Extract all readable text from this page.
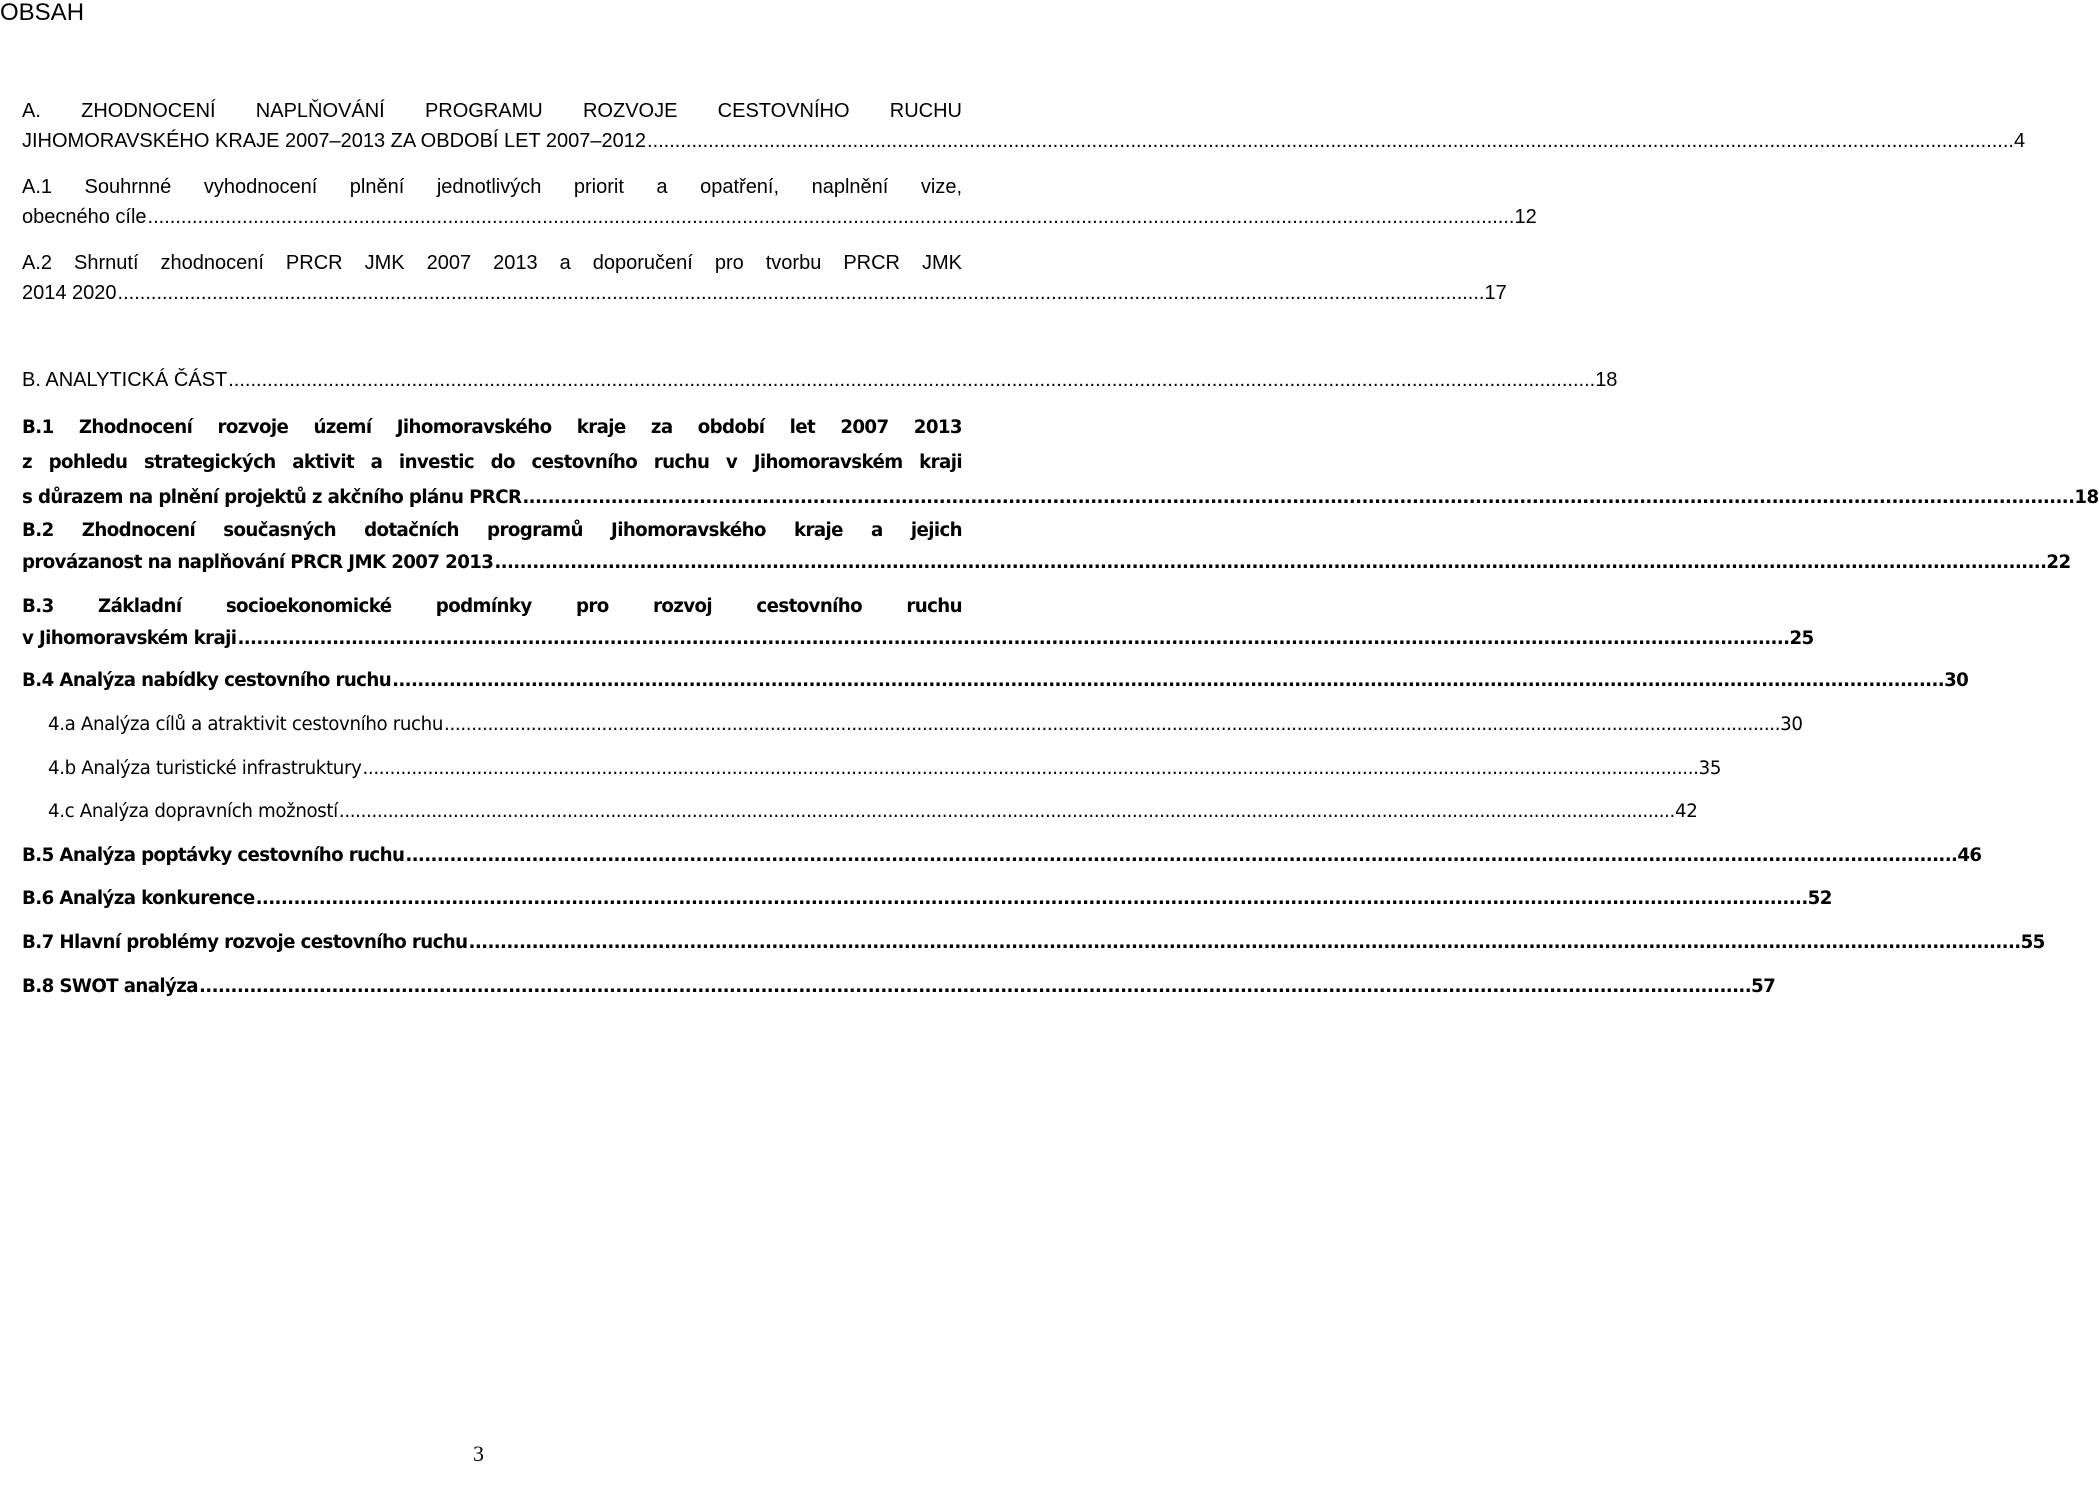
OBSAH
A. ZHODNOCENÍ NAPLŇOVÁNÍ PROGRAMU ROZVOJE CESTOVNÍHO RUCHU
JIHOMORAVSKÉHO KRAJE 2007–2013 ZA OBDOBÍ LET 2007–2012 .....	4
A.1 Souhrnné vyhodnocení plnění jednotlivých priorit a opatření, naplnění vize,
obecného cíle .....	12
A.2 Shrnutí zhodnocení PRCR JMK 2007 2013 a doporučení pro tvorbu PRCR JMK
2014 2020 .....	17
B. ANALYTICKÁ ČÁST .....	18
B.1 Zhodnocení rozvoje území Jihomoravského kraje za období let 2007 2013
z pohledu strategických aktivit a investic do cestovního ruchu v Jihomoravském kraji
s důrazem na plnění projektů z akčního plánu PRCR .....	18
B.2 Zhodnocení současných dotačních programů Jihomoravského kraje a jejich
provázanost na naplňování PRCR JMK 2007 2013 .....	22
B.3 Základní socioekonomické podmínky pro rozvoj cestovního ruchu
v Jihomoravském kraji .....	25
B.4 Analýza nabídky cestovního ruchu .....	30
4.a Analýza cílů a atraktivit cestovního ruchu .....	30
4.b Analýza turistické infrastruktury .....	35
4.c Analýza dopravních možností .....	42
B.5 Analýza poptávky cestovního ruchu .....	46
B.6 Analýza konkurence .....	52
B.7 Hlavní problémy rozvoje cestovního ruchu .....	55
B.8 SWOT analýza .....	57
3
